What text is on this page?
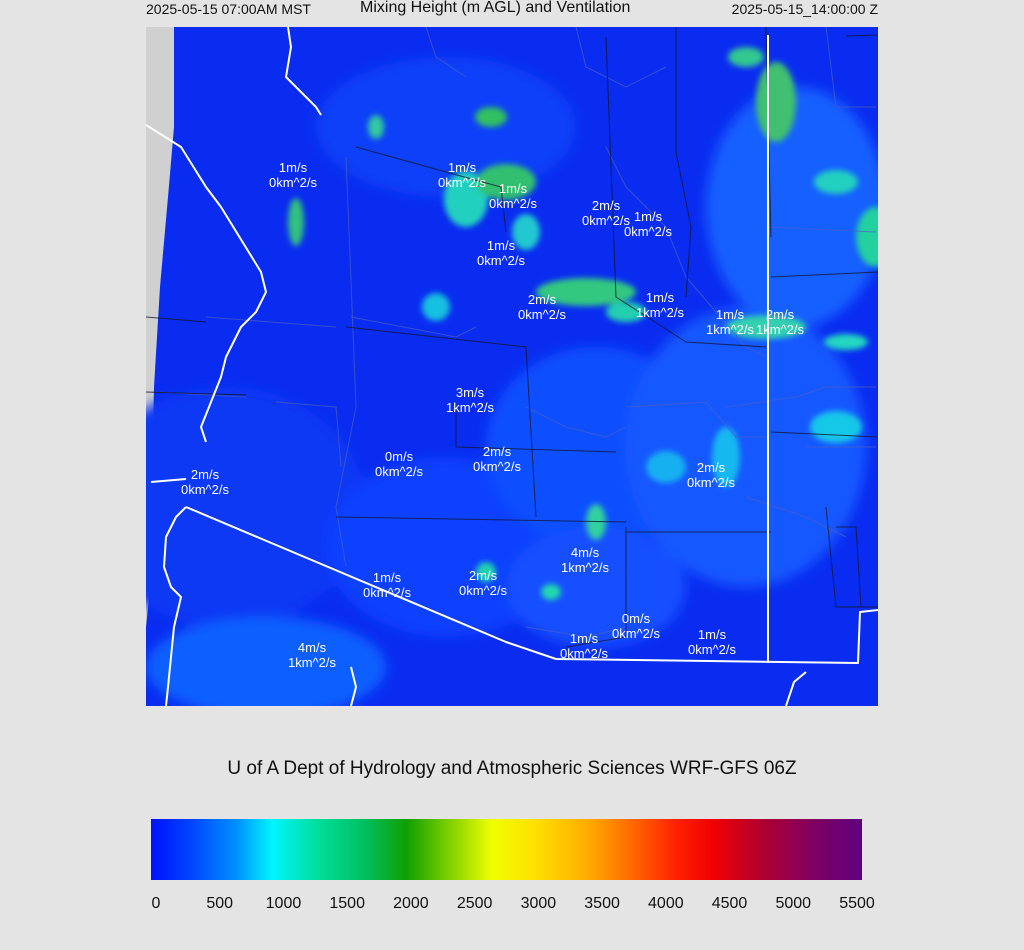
2025-05-15 07:00AM MST	Mixing Height (m AGL) and Ventilation	2025-05-15_14:00:00 Z
1m/s
0km^2/s
1m/s
0km^2/s 1m/s
0km^2/s	2m/s
0km^2/s 1m/s
0km^2/s
1m/s
0km^2/s
2m/s
0km^2/s
1m/s
1km^2/s 1m/s
1km^2/s
2m/s
1km^2/s
3m/s
1km^2/s
0m/s
0km^2/s
2m/s
0km^2/s	2m/s
0km^2/s
2m/s
0km^2/s
4m/s
1km^2/s
1m/s
0km^2/s
2m/s
0km^2/s
0m/s
0km^2/s
1m/s
0km^2/s
1m/s
0km^2/s
4m/s
1km^2/s
U of A Dept of Hydrology and Atmospheric Sciences WRF-GFS 06Z
0	500 1000 1500 2000 2500 3000 3500 4000 4500 5000 5500
